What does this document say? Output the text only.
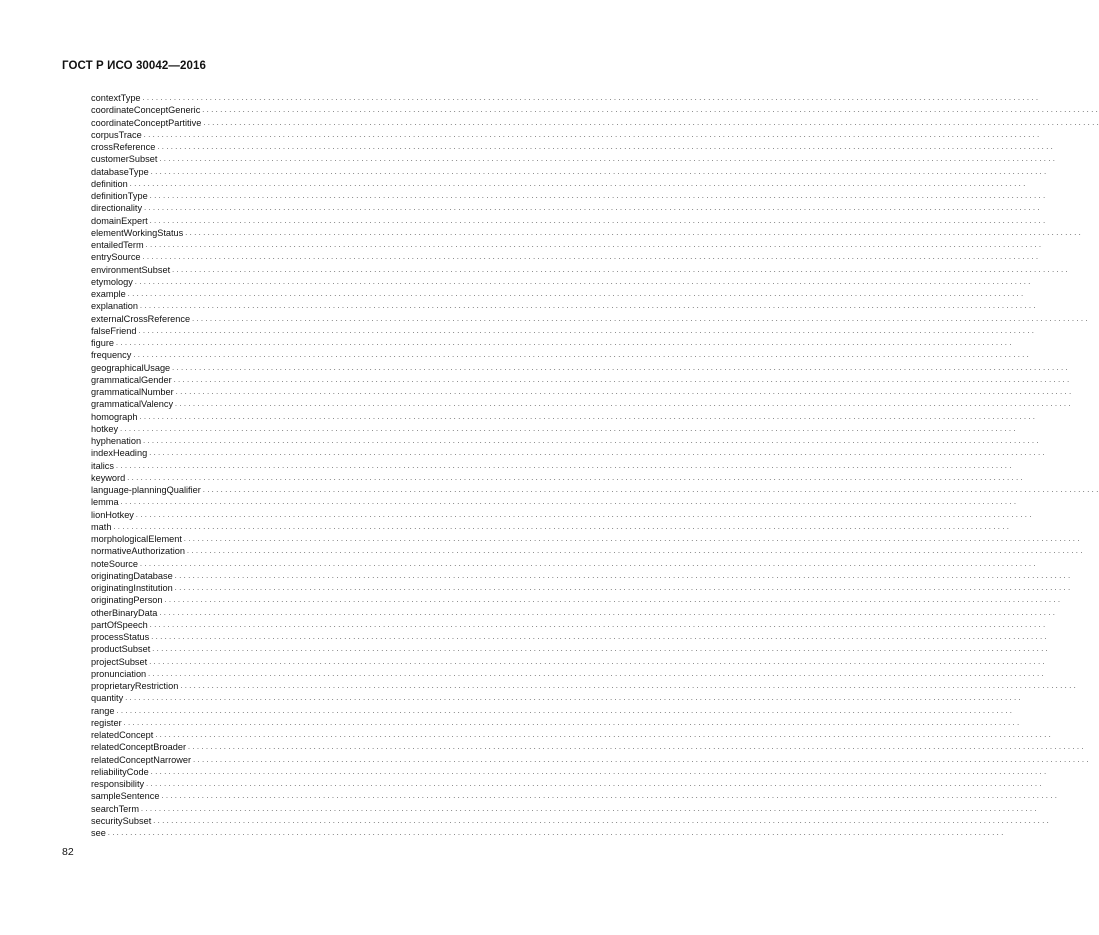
ГОСТ Р ИСО 30042—2016
contextType . . . . . . . . . . . . . . . . . . . . . . . . . . . . . . . . . . . . . . . . . . . . . . . . . . . . . . . . . . . . . . . . . . . . . . . . . . . . . . . . . . . . . . . . . . . . . . . . . . . . . . . . . . . . . . . . . . . . . . . . . . . . . . . . . . . . . . . . . . . . . . . . . . . . . . . . . . . . . . . . . . . . . . . . . . . . . . . . . . . . . . . . . . . . . . . . . . . . . . . .
coordinateConceptGeneric . . . . . . . . . . . . . . . . . . . . . . . . . . . . . . . . . . . . . . . . . . . . . . . . . . . . . . . . . . . . . . . . . . . . . . . . . . . . . . . . . . . . . . . . . . . . . . . . . . . . . . . . . . . . . . . . . . . . . . . . . . . . . . . . . . . . . . . . . . . . . . . . . . . . . . . . . . . . . . . . . . . . . . . . . . . . . . . . . . . . . . . . . . . . . . . . . . . . . . . .
coordinateConceptPartitive . . . . . . . . . . . . . . . . . . . . . . . . . . . . . . . . . . . . . . . . . . . . . . . . . . . . . . . . . . . . . . . . . . . . . . . . . . . . . . . . . . . . . . . . . . . . . . . . . . . . . . . . . . . . . . . . . . . . . . . . . . . . . . . . . . . . . . . . . . . . . . . . . . . . . . . . . . . . . . . . . . . . . . . . . . . . . . . . . . . . . . . . . . . . . . . . . . . . . . . .
corpusTrace . . . . . . . . . . . . . . . . . . . . . . . . . . . . . . . . . . . . . . . . . . . . . . . . . . . . . . . . . . . . . . . . . . . . . . . . . . . . . . . . . . . . . . . . . . . . . . . . . . . . . . . . . . . . . . . . . . . . . . . . . . . . . . . . . . . . . . . . . . . . . . . . . . . . . . . . . . . . . . . . . . . . . . . . . . . . . . . . . . . . . . . . . . . . . . . . . . . . . . . .
crossReference . . . . . . . . . . . . . . . . . . . . . . . . . . . . . . . . . . . . . . . . . . . . . . . . . . . . . . . . . . . . . . . . . . . . . . . . . . . . . . . . . . . . . . . . . . . . . . . . . . . . . . . . . . . . . . . . . . . . . . . . . . . . . . . . . . . . . . . . . . . . . . . . . . . . . . . . . . . . . . . . . . . . . . . . . . . . . . . . . . . . . . . . . . . . . . . . . . . . . . . .
customerSubset . . . . . . . . . . . . . . . . . . . . . . . . . . . . . . . . . . . . . . . . . . . . . . . . . . . . . . . . . . . . . . . . . . . . . . . . . . . . . . . . . . . . . . . . . . . . . . . . . . . . . . . . . . . . . . . . . . . . . . . . . . . . . . . . . . . . . . . . . . . . . . . . . . . . . . . . . . . . . . . . . . . . . . . . . . . . . . . . . . . . . . . . . . . . . . . . . . . . . . . .
databaseType . . . . . . . . . . . . . . . . . . . . . . . . . . . . . . . . . . . . . . . . . . . . . . . . . . . . . . . . . . . . . . . . . . . . . . . . . . . . . . . . . . . . . . . . . . . . . . . . . . . . . . . . . . . . . . . . . . . . . . . . . . . . . . . . . . . . . . . . . . . . . . . . . . . . . . . . . . . . . . . . . . . . . . . . . . . . . . . . . . . . . . . . . . . . . . . . . . . . . . . .
definition . . . . . . . . . . . . . . . . . . . . . . . . . . . . . . . . . . . . . . . . . . . . . . . . . . . . . . . . . . . . . . . . . . . . . . . . . . . . . . . . . . . . . . . . . . . . . . . . . . . . . . . . . . . . . . . . . . . . . . . . . . . . . . . . . . . . . . . . . . . . . . . . . . . . . . . . . . . . . . . . . . . . . . . . . . . . . . . . . . . . . . . . . . . . . . . . . . . . . . . .
definitionType . . . . . . . . . . . . . . . . . . . . . . . . . . . . . . . . . . . . . . . . . . . . . . . . . . . . . . . . . . . . . . . . . . . . . . . . . . . . . . . . . . . . . . . . . . . . . . . . . . . . . . . . . . . . . . . . . . . . . . . . . . . . . . . . . . . . . . . . . . . . . . . . . . . . . . . . . . . . . . . . . . . . . . . . . . . . . . . . . . . . . . . . . . . . . . . . . . . . . . . .
directionality . . . . . . . . . . . . . . . . . . . . . . . . . . . . . . . . . . . . . . . . . . . . . . . . . . . . . . . . . . . . . . . . . . . . . . . . . . . . . . . . . . . . . . . . . . . . . . . . . . . . . . . . . . . . . . . . . . . . . . . . . . . . . . . . . . . . . . . . . . . . . . . . . . . . . . . . . . . . . . . . . . . . . . . . . . . . . . . . . . . . . . . . . . . . . . . . . . . . . . . .
domainExpert . . . . . . . . . . . . . . . . . . . . . . . . . . . . . . . . . . . . . . . . . . . . . . . . . . . . . . . . . . . . . . . . . . . . . . . . . . . . . . . . . . . . . . . . . . . . . . . . . . . . . . . . . . . . . . . . . . . . . . . . . . . . . . . . . . . . . . . . . . . . . . . . . . . . . . . . . . . . . . . . . . . . . . . . . . . . . . . . . . . . . . . . . . . . . . . . . . . . . . . .
elementWorkingStatus . . . . . . . . . . . . . . . . . . . . . . . . . . . . . . . . . . . . . . . . . . . . . . . . . . . . . . . . . . . . . . . . . . . . . . . . . . . . . . . . . . . . . . . . . . . . . . . . . . . . . . . . . . . . . . . . . . . . . . . . . . . . . . . . . . . . . . . . . . . . . . . . . . . . . . . . . . . . . . . . . . . . . . . . . . . . . . . . . . . . . . . . . . . . . . . . . . . . . . . .
entailedTerm . . . . . . . . . . . . . . . . . . . . . . . . . . . . . . . . . . . . . . . . . . . . . . . . . . . . . . . . . . . . . . . . . . . . . . . . . . . . . . . . . . . . . . . . . . . . . . . . . . . . . . . . . . . . . . . . . . . . . . . . . . . . . . . . . . . . . . . . . . . . . . . . . . . . . . . . . . . . . . . . . . . . . . . . . . . . . . . . . . . . . . . . . . . . . . . . . . . . . . . .
entrySource . . . . . . . . . . . . . . . . . . . . . . . . . . . . . . . . . . . . . . . . . . . . . . . . . . . . . . . . . . . . . . . . . . . . . . . . . . . . . . . . . . . . . . . . . . . . . . . . . . . . . . . . . . . . . . . . . . . . . . . . . . . . . . . . . . . . . . . . . . . . . . . . . . . . . . . . . . . . . . . . . . . . . . . . . . . . . . . . . . . . . . . . . . . . . . . . . . . . . . . .
environmentSubset . . . . . . . . . . . . . . . . . . . . . . . . . . . . . . . . . . . . . . . . . . . . . . . . . . . . . . . . . . . . . . . . . . . . . . . . . . . . . . . . . . . . . . . . . . . . . . . . . . . . . . . . . . . . . . . . . . . . . . . . . . . . . . . . . . . . . . . . . . . . . . . . . . . . . . . . . . . . . . . . . . . . . . . . . . . . . . . . . . . . . . . . . . . . . . . . . . . . . . . .
etymology . . . . . . . . . . . . . . . . . . . . . . . . . . . . . . . . . . . . . . . . . . . . . . . . . . . . . . . . . . . . . . . . . . . . . . . . . . . . . . . . . . . . . . . . . . . . . . . . . . . . . . . . . . . . . . . . . . . . . . . . . . . . . . . . . . . . . . . . . . . . . . . . . . . . . . . . . . . . . . . . . . . . . . . . . . . . . . . . . . . . . . . . . . . . . . . . . . . . . . . .
example . . . . . . . . . . . . . . . . . . . . . . . . . . . . . . . . . . . . . . . . . . . . . . . . . . . . . . . . . . . . . . . . . . . . . . . . . . . . . . . . . . . . . . . . . . . . . . . . . . . . . . . . . . . . . . . . . . . . . . . . . . . . . . . . . . . . . . . . . . . . . . . . . . . . . . . . . . . . . . . . . . . . . . . . . . . . . . . . . . . . . . . . . . . . . . . . . . . . . . . .
explanation . . . . . . . . . . . . . . . . . . . . . . . . . . . . . . . . . . . . . . . . . . . . . . . . . . . . . . . . . . . . . . . . . . . . . . . . . . . . . . . . . . . . . . . . . . . . . . . . . . . . . . . . . . . . . . . . . . . . . . . . . . . . . . . . . . . . . . . . . . . . . . . . . . . . . . . . . . . . . . . . . . . . . . . . . . . . . . . . . . . . . . . . . . . . . . . . . . . . . . . .
externalCrossReference . . . . . . . . . . . . . . . . . . . . . . . . . . . . . . . . . . . . . . . . . . . . . . . . . . . . . . . . . . . . . . . . . . . . . . . . . . . . . . . . . . . . . . . . . . . . . . . . . . . . . . . . . . . . . . . . . . . . . . . . . . . . . . . . . . . . . . . . . . . . . . . . . . . . . . . . . . . . . . . . . . . . . . . . . . . . . . . . . . . . . . . . . . . . . . . . . . . . . . . .
falseFriend . . . . . . . . . . . . . . . . . . . . . . . . . . . . . . . . . . . . . . . . . . . . . . . . . . . . . . . . . . . . . . . . . . . . . . . . . . . . . . . . . . . . . . . . . . . . . . . . . . . . . . . . . . . . . . . . . . . . . . . . . . . . . . . . . . . . . . . . . . . . . . . . . . . . . . . . . . . . . . . . . . . . . . . . . . . . . . . . . . . . . . . . . . . . . . . . . . . . . . . .
figure . . . . . . . . . . . . . . . . . . . . . . . . . . . . . . . . . . . . . . . . . . . . . . . . . . . . . . . . . . . . . . . . . . . . . . . . . . . . . . . . . . . . . . . . . . . . . . . . . . . . . . . . . . . . . . . . . . . . . . . . . . . . . . . . . . . . . . . . . . . . . . . . . . . . . . . . . . . . . . . . . . . . . . . . . . . . . . . . . . . . . . . . . . . . . . . . . . . . . . . .
frequency . . . . . . . . . . . . . . . . . . . . . . . . . . . . . . . . . . . . . . . . . . . . . . . . . . . . . . . . . . . . . . . . . . . . . . . . . . . . . . . . . . . . . . . . . . . . . . . . . . . . . . . . . . . . . . . . . . . . . . . . . . . . . . . . . . . . . . . . . . . . . . . . . . . . . . . . . . . . . . . . . . . . . . . . . . . . . . . . . . . . . . . . . . . . . . . . . . . . . . . .
geographicalUsage . . . . . . . . . . . . . . . . . . . . . . . . . . . . . . . . . . . . . . . . . . . . . . . . . . . . . . . . . . . . . . . . . . . . . . . . . . . . . . . . . . . . . . . . . . . . . . . . . . . . . . . . . . . . . . . . . . . . . . . . . . . . . . . . . . . . . . . . . . . . . . . . . . . . . . . . . . . . . . . . . . . . . . . . . . . . . . . . . . . . . . . . . . . . . . . . . . . . . . . .
grammaticalGender . . . . . . . . . . . . . . . . . . . . . . . . . . . . . . . . . . . . . . . . . . . . . . . . . . . . . . . . . . . . . . . . . . . . . . . . . . . . . . . . . . . . . . . . . . . . . . . . . . . . . . . . . . . . . . . . . . . . . . . . . . . . . . . . . . . . . . . . . . . . . . . . . . . . . . . . . . . . . . . . . . . . . . . . . . . . . . . . . . . . . . . . . . . . . . . . . . . . . . . .
grammaticalNumber . . . . . . . . . . . . . . . . . . . . . . . . . . . . . . . . . . . . . . . . . . . . . . . . . . . . . . . . . . . . . . . . . . . . . . . . . . . . . . . . . . . . . . . . . . . . . . . . . . . . . . . . . . . . . . . . . . . . . . . . . . . . . . . . . . . . . . . . . . . . . . . . . . . . . . . . . . . . . . . . . . . . . . . . . . . . . . . . . . . . . . . . . . . . . . . . . . . . . . . .
grammaticalValency . . . . . . . . . . . . . . . . . . . . . . . . . . . . . . . . . . . . . . . . . . . . . . . . . . . . . . . . . . . . . . . . . . . . . . . . . . . . . . . . . . . . . . . . . . . . . . . . . . . . . . . . . . . . . . . . . . . . . . . . . . . . . . . . . . . . . . . . . . . . . . . . . . . . . . . . . . . . . . . . . . . . . . . . . . . . . . . . . . . . . . . . . . . . . . . . . . . . . . . .
homograph . . . . . . . . . . . . . . . . . . . . . . . . . . . . . . . . . . . . . . . . . . . . . . . . . . . . . . . . . . . . . . . . . . . . . . . . . . . . . . . . . . . . . . . . . . . . . . . . . . . . . . . . . . . . . . . . . . . . . . . . . . . . . . . . . . . . . . . . . . . . . . . . . . . . . . . . . . . . . . . . . . . . . . . . . . . . . . . . . . . . . . . . . . . . . . . . . . . . . . . .
hotkey . . . . . . . . . . . . . . . . . . . . . . . . . . . . . . . . . . . . . . . . . . . . . . . . . . . . . . . . . . . . . . . . . . . . . . . . . . . . . . . . . . . . . . . . . . . . . . . . . . . . . . . . . . . . . . . . . . . . . . . . . . . . . . . . . . . . . . . . . . . . . . . . . . . . . . . . . . . . . . . . . . . . . . . . . . . . . . . . . . . . . . . . . . . . . . . . . . . . . . . .
hyphenation . . . . . . . . . . . . . . . . . . . . . . . . . . . . . . . . . . . . . . . . . . . . . . . . . . . . . . . . . . . . . . . . . . . . . . . . . . . . . . . . . . . . . . . . . . . . . . . . . . . . . . . . . . . . . . . . . . . . . . . . . . . . . . . . . . . . . . . . . . . . . . . . . . . . . . . . . . . . . . . . . . . . . . . . . . . . . . . . . . . . . . . . . . . . . . . . . . . . . . . .
indexHeading . . . . . . . . . . . . . . . . . . . . . . . . . . . . . . . . . . . . . . . . . . . . . . . . . . . . . . . . . . . . . . . . . . . . . . . . . . . . . . . . . . . . . . . . . . . . . . . . . . . . . . . . . . . . . . . . . . . . . . . . . . . . . . . . . . . . . . . . . . . . . . . . . . . . . . . . . . . . . . . . . . . . . . . . . . . . . . . . . . . . . . . . . . . . . . . . . . . . . . . .
italics . . . . . . . . . . . . . . . . . . . . . . . . . . . . . . . . . . . . . . . . . . . . . . . . . . . . . . . . . . . . . . . . . . . . . . . . . . . . . . . . . . . . . . . . . . . . . . . . . . . . . . . . . . . . . . . . . . . . . . . . . . . . . . . . . . . . . . . . . . . . . . . . . . . . . . . . . . . . . . . . . . . . . . . . . . . . . . . . . . . . . . . . . . . . . . . . . . . . . . . .
keyword . . . . . . . . . . . . . . . . . . . . . . . . . . . . . . . . . . . . . . . . . . . . . . . . . . . . . . . . . . . . . . . . . . . . . . . . . . . . . . . . . . . . . . . . . . . . . . . . . . . . . . . . . . . . . . . . . . . . . . . . . . . . . . . . . . . . . . . . . . . . . . . . . . . . . . . . . . . . . . . . . . . . . . . . . . . . . . . . . . . . . . . . . . . . . . . . . . . . . . . .
language-planningQualifier . . . . . . . . . . . . . . . . . . . . . . . . . . . . . . . . . . . . . . . . . . . . . . . . . . . . . . . . . . . . . . . . . . . . . . . . . . . . . . . . . . . . . . . . . . . . . . . . . . . . . . . . . . . . . . . . . . . . . . . . . . . . . . . . . . . . . . . . . . . . . . . . . . . . . . . . . . . . . . . . . . . . . . . . . . . . . . . . . . . . . . . . . . . . . . . . . . . . . . . .
lemma . . . . . . . . . . . . . . . . . . . . . . . . . . . . . . . . . . . . . . . . . . . . . . . . . . . . . . . . . . . . . . . . . . . . . . . . . . . . . . . . . . . . . . . . . . . . . . . . . . . . . . . . . . . . . . . . . . . . . . . . . . . . . . . . . . . . . . . . . . . . . . . . . . . . . . . . . . . . . . . . . . . . . . . . . . . . . . . . . . . . . . . . . . . . . . . . . . . . . . . .
lionHotkey . . . . . . . . . . . . . . . . . . . . . . . . . . . . . . . . . . . . . . . . . . . . . . . . . . . . . . . . . . . . . . . . . . . . . . . . . . . . . . . . . . . . . . . . . . . . . . . . . . . . . . . . . . . . . . . . . . . . . . . . . . . . . . . . . . . . . . . . . . . . . . . . . . . . . . . . . . . . . . . . . . . . . . . . . . . . . . . . . . . . . . . . . . . . . . . . . . . . . . . .
math . . . . . . . . . . . . . . . . . . . . . . . . . . . . . . . . . . . . . . . . . . . . . . . . . . . . . . . . . . . . . . . . . . . . . . . . . . . . . . . . . . . . . . . . . . . . . . . . . . . . . . . . . . . . . . . . . . . . . . . . . . . . . . . . . . . . . . . . . . . . . . . . . . . . . . . . . . . . . . . . . . . . . . . . . . . . . . . . . . . . . . . . . . . . . . . . . . . . . . . .
morphologicalElement . . . . . . . . . . . . . . . . . . . . . . . . . . . . . . . . . . . . . . . . . . . . . . . . . . . . . . . . . . . . . . . . . . . . . . . . . . . . . . . . . . . . . . . . . . . . . . . . . . . . . . . . . . . . . . . . . . . . . . . . . . . . . . . . . . . . . . . . . . . . . . . . . . . . . . . . . . . . . . . . . . . . . . . . . . . . . . . . . . . . . . . . . . . . . . . . . . . . . . . .
normativeAuthorization . . . . . . . . . . . . . . . . . . . . . . . . . . . . . . . . . . . . . . . . . . . . . . . . . . . . . . . . . . . . . . . . . . . . . . . . . . . . . . . . . . . . . . . . . . . . . . . . . . . . . . . . . . . . . . . . . . . . . . . . . . . . . . . . . . . . . . . . . . . . . . . . . . . . . . . . . . . . . . . . . . . . . . . . . . . . . . . . . . . . . . . . . . . . . . . . . . . . . . . .
noteSource . . . . . . . . . . . . . . . . . . . . . . . . . . . . . . . . . . . . . . . . . . . . . . . . . . . . . . . . . . . . . . . . . . . . . . . . . . . . . . . . . . . . . . . . . . . . . . . . . . . . . . . . . . . . . . . . . . . . . . . . . . . . . . . . . . . . . . . . . . . . . . . . . . . . . . . . . . . . . . . . . . . . . . . . . . . . . . . . . . . . . . . . . . . . . . . . . . . . . . . .
originatingDatabase . . . . . . . . . . . . . . . . . . . . . . . . . . . . . . . . . . . . . . . . . . . . . . . . . . . . . . . . . . . . . . . . . . . . . . . . . . . . . . . . . . . . . . . . . . . . . . . . . . . . . . . . . . . . . . . . . . . . . . . . . . . . . . . . . . . . . . . . . . . . . . . . . . . . . . . . . . . . . . . . . . . . . . . . . . . . . . . . . . . . . . . . . . . . . . . . . . . . . . . .
originatingInstitution . . . . . . . . . . . . . . . . . . . . . . . . . . . . . . . . . . . . . . . . . . . . . . . . . . . . . . . . . . . . . . . . . . . . . . . . . . . . . . . . . . . . . . . . . . . . . . . . . . . . . . . . . . . . . . . . . . . . . . . . . . . . . . . . . . . . . . . . . . . . . . . . . . . . . . . . . . . . . . . . . . . . . . . . . . . . . . . . . . . . . . . . . . . . . . . . . . . . . . . .
originatingPerson . . . . . . . . . . . . . . . . . . . . . . . . . . . . . . . . . . . . . . . . . . . . . . . . . . . . . . . . . . . . . . . . . . . . . . . . . . . . . . . . . . . . . . . . . . . . . . . . . . . . . . . . . . . . . . . . . . . . . . . . . . . . . . . . . . . . . . . . . . . . . . . . . . . . . . . . . . . . . . . . . . . . . . . . . . . . . . . . . . . . . . . . . . . . . . . . . . . . . . . .
otherBinaryData . . . . . . . . . . . . . . . . . . . . . . . . . . . . . . . . . . . . . . . . . . . . . . . . . . . . . . . . . . . . . . . . . . . . . . . . . . . . . . . . . . . . . . . . . . . . . . . . . . . . . . . . . . . . . . . . . . . . . . . . . . . . . . . . . . . . . . . . . . . . . . . . . . . . . . . . . . . . . . . . . . . . . . . . . . . . . . . . . . . . . . . . . . . . . . . . . . . . . . . .
partOfSpeech . . . . . . . . . . . . . . . . . . . . . . . . . . . . . . . . . . . . . . . . . . . . . . . . . . . . . . . . . . . . . . . . . . . . . . . . . . . . . . . . . . . . . . . . . . . . . . . . . . . . . . . . . . . . . . . . . . . . . . . . . . . . . . . . . . . . . . . . . . . . . . . . . . . . . . . . . . . . . . . . . . . . . . . . . . . . . . . . . . . . . . . . . . . . . . . . . . . . . . . .
processStatus . . . . . . . . . . . . . . . . . . . . . . . . . . . . . . . . . . . . . . . . . . . . . . . . . . . . . . . . . . . . . . . . . . . . . . . . . . . . . . . . . . . . . . . . . . . . . . . . . . . . . . . . . . . . . . . . . . . . . . . . . . . . . . . . . . . . . . . . . . . . . . . . . . . . . . . . . . . . . . . . . . . . . . . . . . . . . . . . . . . . . . . . . . . . . . . . . . . . . . . .
productSubset . . . . . . . . . . . . . . . . . . . . . . . . . . . . . . . . . . . . . . . . . . . . . . . . . . . . . . . . . . . . . . . . . . . . . . . . . . . . . . . . . . . . . . . . . . . . . . . . . . . . . . . . . . . . . . . . . . . . . . . . . . . . . . . . . . . . . . . . . . . . . . . . . . . . . . . . . . . . . . . . . . . . . . . . . . . . . . . . . . . . . . . . . . . . . . . . . . . . . . . .
projectSubset . . . . . . . . . . . . . . . . . . . . . . . . . . . . . . . . . . . . . . . . . . . . . . . . . . . . . . . . . . . . . . . . . . . . . . . . . . . . . . . . . . . . . . . . . . . . . . . . . . . . . . . . . . . . . . . . . . . . . . . . . . . . . . . . . . . . . . . . . . . . . . . . . . . . . . . . . . . . . . . . . . . . . . . . . . . . . . . . . . . . . . . . . . . . . . . . . . . . . . . .
pronunciation . . . . . . . . . . . . . . . . . . . . . . . . . . . . . . . . . . . . . . . . . . . . . . . . . . . . . . . . . . . . . . . . . . . . . . . . . . . . . . . . . . . . . . . . . . . . . . . . . . . . . . . . . . . . . . . . . . . . . . . . . . . . . . . . . . . . . . . . . . . . . . . . . . . . . . . . . . . . . . . . . . . . . . . . . . . . . . . . . . . . . . . . . . . . . . . . . . . . . . . .
proprietaryRestriction . . . . . . . . . . . . . . . . . . . . . . . . . . . . . . . . . . . . . . . . . . . . . . . . . . . . . . . . . . . . . . . . . . . . . . . . . . . . . . . . . . . . . . . . . . . . . . . . . . . . . . . . . . . . . . . . . . . . . . . . . . . . . . . . . . . . . . . . . . . . . . . . . . . . . . . . . . . . . . . . . . . . . . . . . . . . . . . . . . . . . . . . . . . . . . . . . . . . . . . .
quantity . . . . . . . . . . . . . . . . . . . . . . . . . . . . . . . . . . . . . . . . . . . . . . . . . . . . . . . . . . . . . . . . . . . . . . . . . . . . . . . . . . . . . . . . . . . . . . . . . . . . . . . . . . . . . . . . . . . . . . . . . . . . . . . . . . . . . . . . . . . . . . . . . . . . . . . . . . . . . . . . . . . . . . . . . . . . . . . . . . . . . . . . . . . . . . . . . . . . . . . .
range . . . . . . . . . . . . . . . . . . . . . . . . . . . . . . . . . . . . . . . . . . . . . . . . . . . . . . . . . . . . . . . . . . . . . . . . . . . . . . . . . . . . . . . . . . . . . . . . . . . . . . . . . . . . . . . . . . . . . . . . . . . . . . . . . . . . . . . . . . . . . . . . . . . . . . . . . . . . . . . . . . . . . . . . . . . . . . . . . . . . . . . . . . . . . . . . . . . . . . . .
register . . . . . . . . . . . . . . . . . . . . . . . . . . . . . . . . . . . . . . . . . . . . . . . . . . . . . . . . . . . . . . . . . . . . . . . . . . . . . . . . . . . . . . . . . . . . . . . . . . . . . . . . . . . . . . . . . . . . . . . . . . . . . . . . . . . . . . . . . . . . . . . . . . . . . . . . . . . . . . . . . . . . . . . . . . . . . . . . . . . . . . . . . . . . . . . . . . . . . . . .
relatedConcept . . . . . . . . . . . . . . . . . . . . . . . . . . . . . . . . . . . . . . . . . . . . . . . . . . . . . . . . . . . . . . . . . . . . . . . . . . . . . . . . . . . . . . . . . . . . . . . . . . . . . . . . . . . . . . . . . . . . . . . . . . . . . . . . . . . . . . . . . . . . . . . . . . . . . . . . . . . . . . . . . . . . . . . . . . . . . . . . . . . . . . . . . . . . . . . . . . . . . . . .
relatedConceptBroader . . . . . . . . . . . . . . . . . . . . . . . . . . . . . . . . . . . . . . . . . . . . . . . . . . . . . . . . . . . . . . . . . . . . . . . . . . . . . . . . . . . . . . . . . . . . . . . . . . . . . . . . . . . . . . . . . . . . . . . . . . . . . . . . . . . . . . . . . . . . . . . . . . . . . . . . . . . . . . . . . . . . . . . . . . . . . . . . . . . . . . . . . . . . . . . . . . . . . . . .
relatedConceptNarrower . . . . . . . . . . . . . . . . . . . . . . . . . . . . . . . . . . . . . . . . . . . . . . . . . . . . . . . . . . . . . . . . . . . . . . . . . . . . . . . . . . . . . . . . . . . . . . . . . . . . . . . . . . . . . . . . . . . . . . . . . . . . . . . . . . . . . . . . . . . . . . . . . . . . . . . . . . . . . . . . . . . . . . . . . . . . . . . . . . . . . . . . . . . . . . . . . . . . . . . .
reliabilityCode . . . . . . . . . . . . . . . . . . . . . . . . . . . . . . . . . . . . . . . . . . . . . . . . . . . . . . . . . . . . . . . . . . . . . . . . . . . . . . . . . . . . . . . . . . . . . . . . . . . . . . . . . . . . . . . . . . . . . . . . . . . . . . . . . . . . . . . . . . . . . . . . . . . . . . . . . . . . . . . . . . . . . . . . . . . . . . . . . . . . . . . . . . . . . . . . . . . . . . . .
responsibility . . . . . . . . . . . . . . . . . . . . . . . . . . . . . . . . . . . . . . . . . . . . . . . . . . . . . . . . . . . . . . . . . . . . . . . . . . . . . . . . . . . . . . . . . . . . . . . . . . . . . . . . . . . . . . . . . . . . . . . . . . . . . . . . . . . . . . . . . . . . . . . . . . . . . . . . . . . . . . . . . . . . . . . . . . . . . . . . . . . . . . . . . . . . . . . . . . . . . . . .
sampleSentence . . . . . . . . . . . . . . . . . . . . . . . . . . . . . . . . . . . . . . . . . . . . . . . . . . . . . . . . . . . . . . . . . . . . . . . . . . . . . . . . . . . . . . . . . . . . . . . . . . . . . . . . . . . . . . . . . . . . . . . . . . . . . . . . . . . . . . . . . . . . . . . . . . . . . . . . . . . . . . . . . . . . . . . . . . . . . . . . . . . . . . . . . . . . . . . . . . . . . . . .
searchTerm . . . . . . . . . . . . . . . . . . . . . . . . . . . . . . . . . . . . . . . . . . . . . . . . . . . . . . . . . . . . . . . . . . . . . . . . . . . . . . . . . . . . . . . . . . . . . . . . . . . . . . . . . . . . . . . . . . . . . . . . . . . . . . . . . . . . . . . . . . . . . . . . . . . . . . . . . . . . . . . . . . . . . . . . . . . . . . . . . . . . . . . . . . . . . . . . . . . . . . . .
securitySubset . . . . . . . . . . . . . . . . . . . . . . . . . . . . . . . . . . . . . . . . . . . . . . . . . . . . . . . . . . . . . . . . . . . . . . . . . . . . . . . . . . . . . . . . . . . . . . . . . . . . . . . . . . . . . . . . . . . . . . . . . . . . . . . . . . . . . . . . . . . . . . . . . . . . . . . . . . . . . . . . . . . . . . . . . . . . . . . . . . . . . . . . . . . . . . . . . . . . . . . .
see . . . . . . . . . . . . . . . . . . . . . . . . . . . . . . . . . . . . . . . . . . . . . . . . . . . . . . . . . . . . . . . . . . . . . . . . . . . . . . . . . . . . . . . . . . . . . . . . . . . . . . . . . . . . . . . . . . . . . . . . . . . . . . . . . . . . . . . . . . . . . . . . . . . . . . . . . . . . . . . . . . . . . . . . . . . . . . . . . . . . . . . . . . . . . . . . . . . . . . . .
82
